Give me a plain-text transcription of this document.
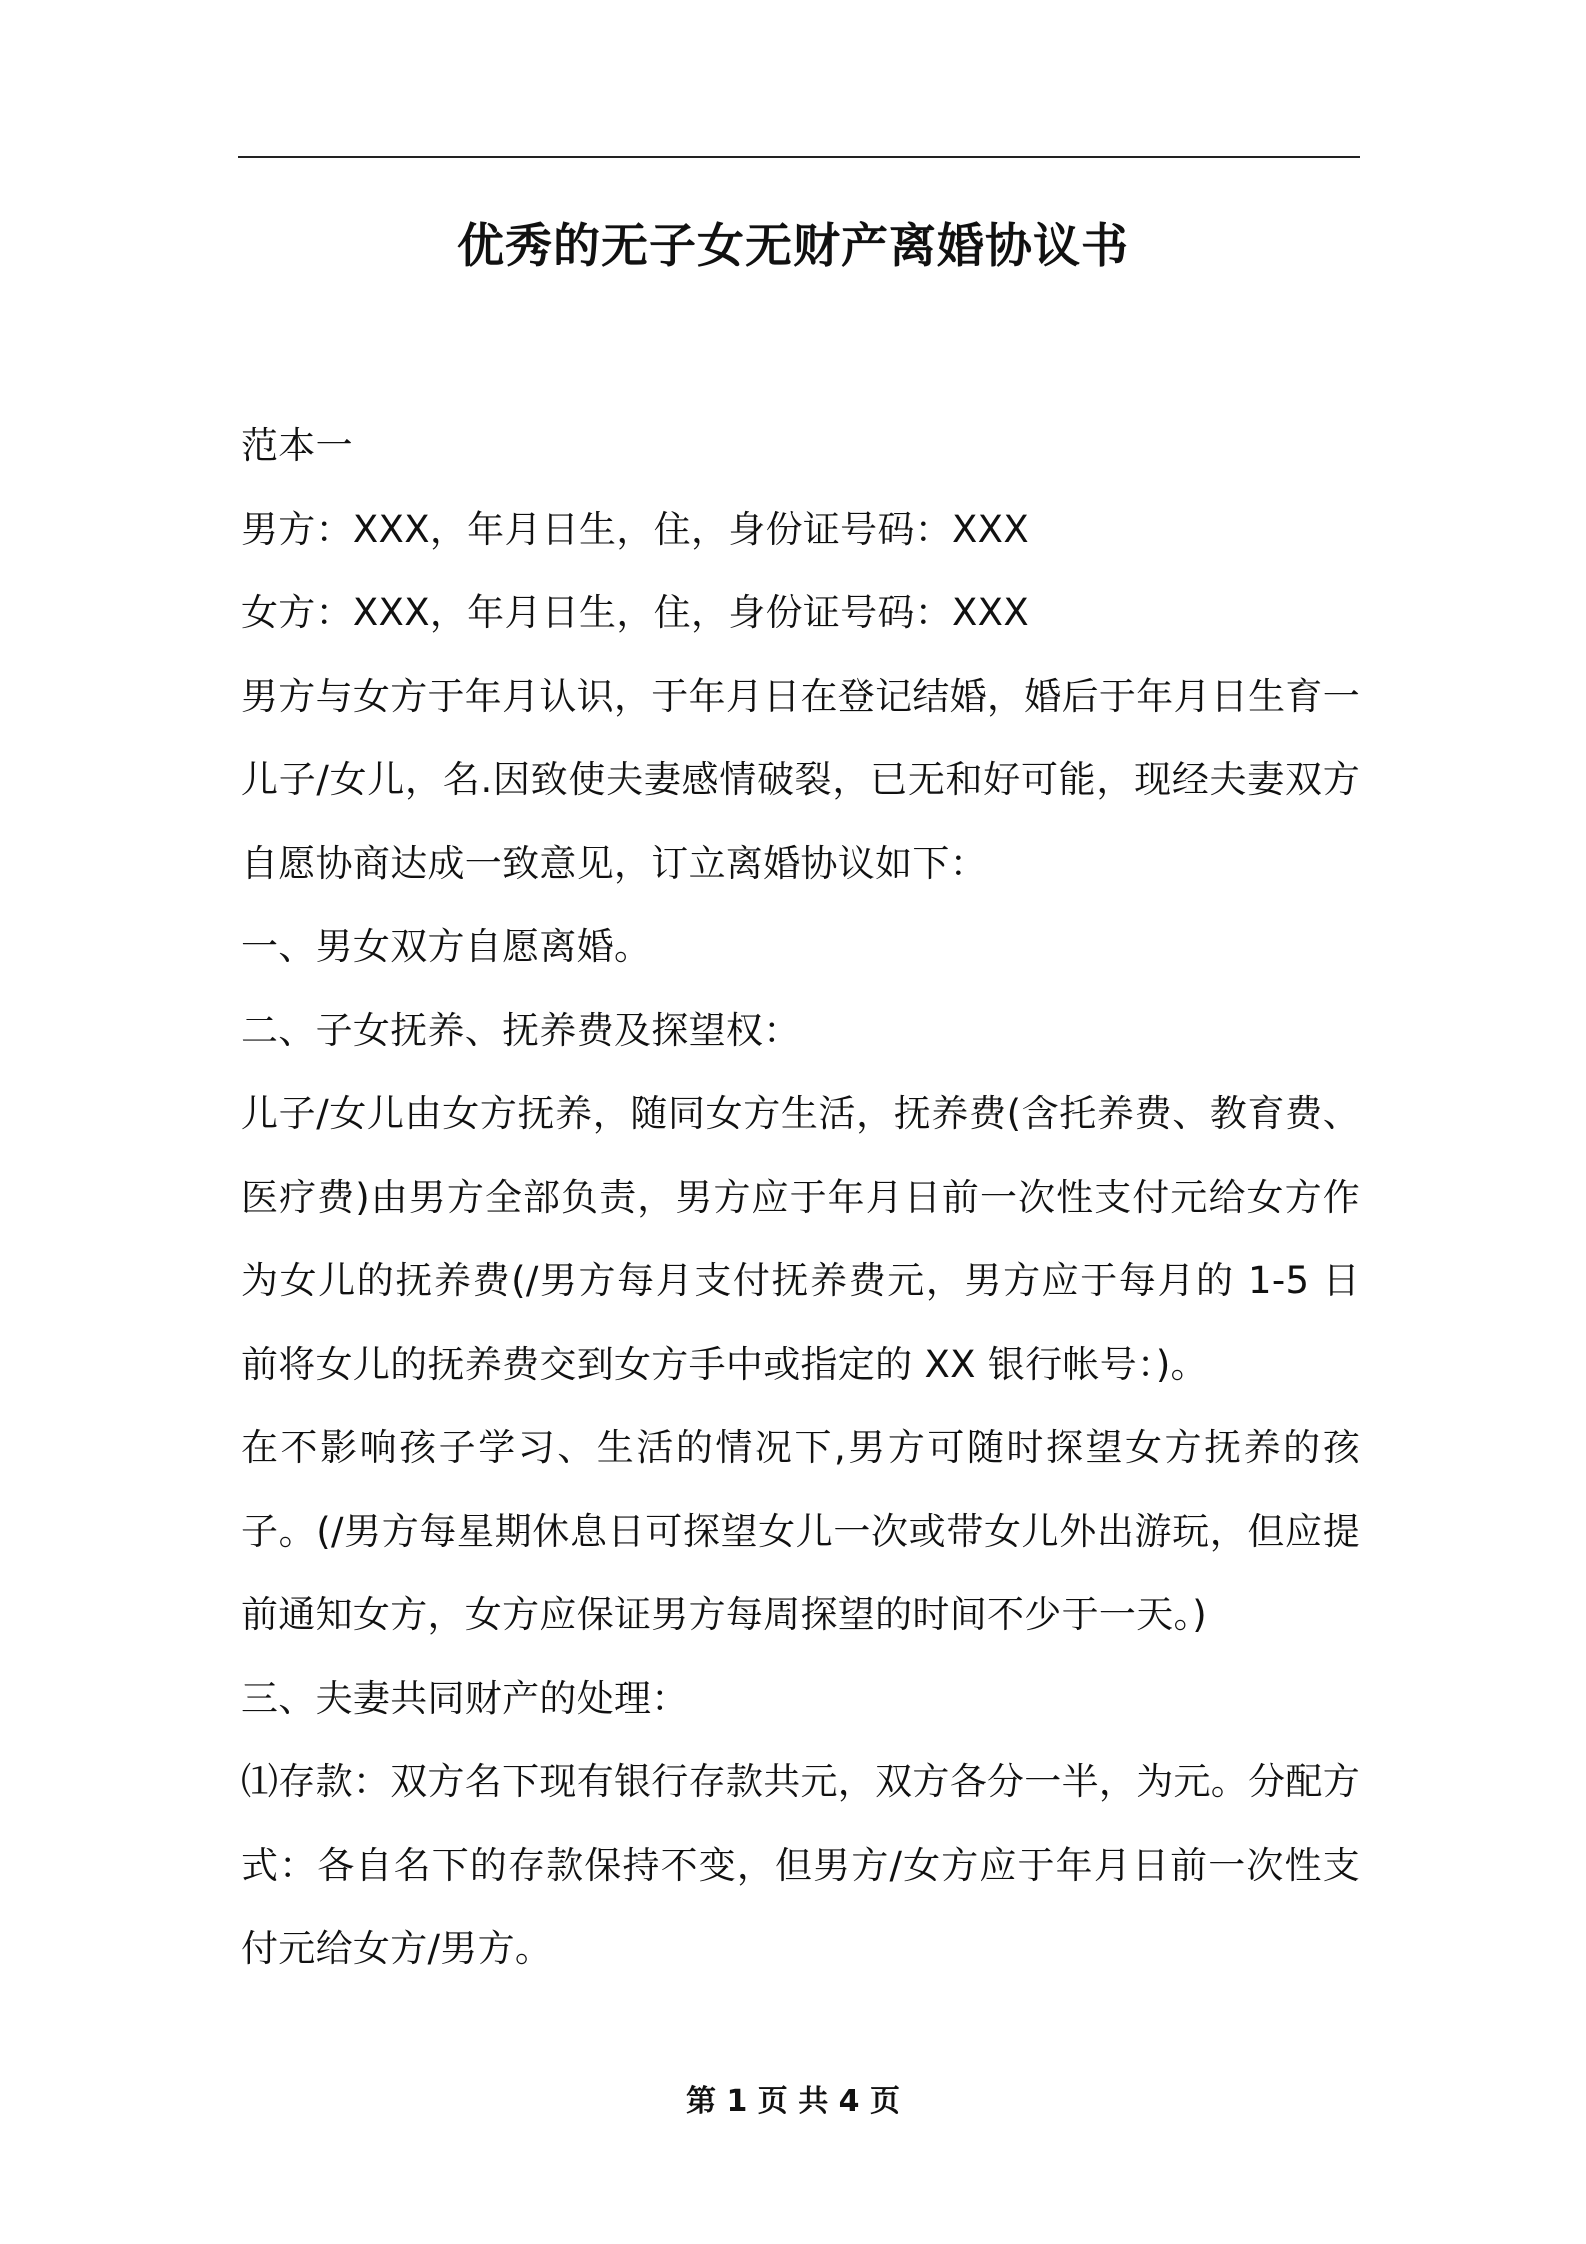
优秀的无子女无财产离婚协议书

范本一

男方：XXX，年月日生，住，身份证号码：XXX

女方：XXX，年月日生，住，身份证号码：XXX

男方与女方于年月认识，于年月日在登记结婚，婚后于年月日生育一儿子/女儿，名.因致使夫妻感情破裂，已无和好可能，现经夫妻双方自愿协商达成一致意见，订立离婚协议如下：

一、男女双方自愿离婚。

二、子女抚养、抚养费及探望权：

儿子/女儿由女方抚养，随同女方生活，抚养费(含托养费、教育费、医疗费)由男方全部负责，男方应于年月日前一次性支付元给女方作为女儿的抚养费(/男方每月支付抚养费元，男方应于每月的 1-5 日前将女儿的抚养费交到女方手中或指定的 XX 银行帐号：)。

在不影响孩子学习、生活的情况下,男方可随时探望女方抚养的孩子。(/男方每星期休息日可探望女儿一次或带女儿外出游玩，但应提前通知女方，女方应保证男方每周探望的时间不少于一天。)

三、夫妻共同财产的处理：

⑴存款：双方名下现有银行存款共元，双方各分一半，为元。分配方式：各自名下的存款保持不变，但男方/女方应于年月日前一次性支付元给女方/男方。

第 1 页 共 4 页
